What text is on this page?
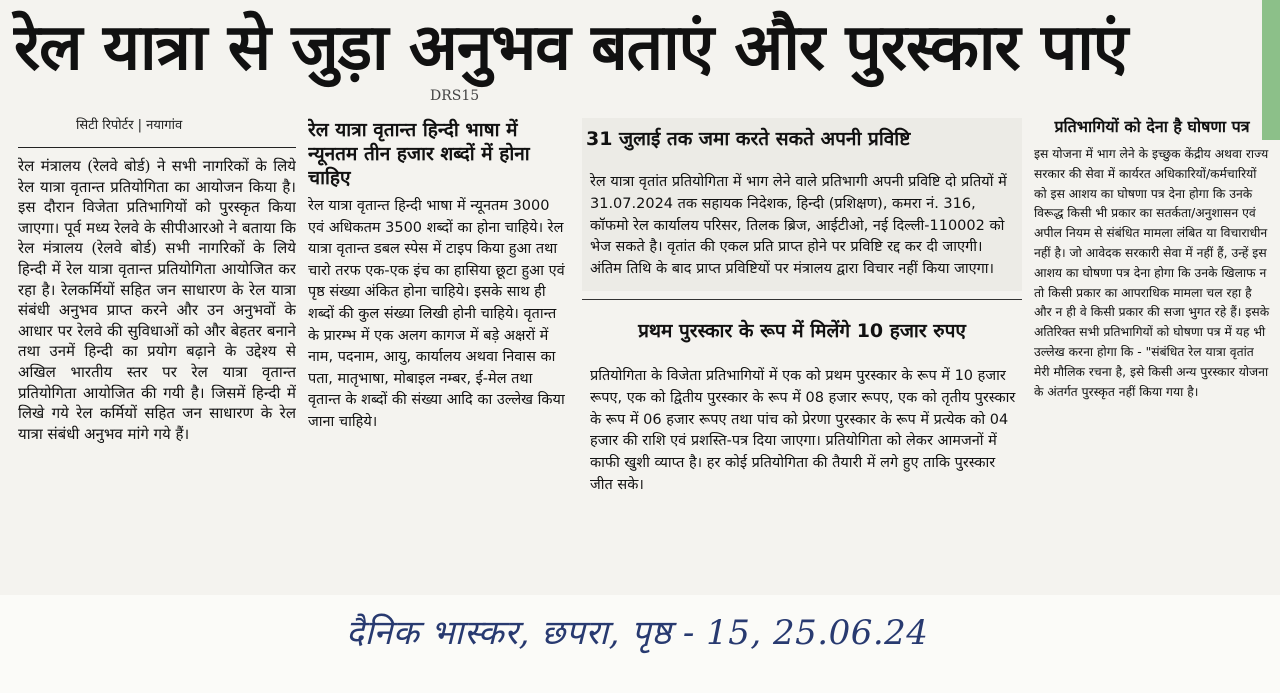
रेल यात्रा से जुड़ा अनुभव बताएं और पुरस्कार पाएं
DRS15
सिटी रिपोर्टर | नयागांव
रेल मंत्रालय (रेलवे बोर्ड) ने सभी नागरिकों के लिये रेल यात्रा वृतान्त प्रतियोगिता का आयोजन किया है। इस दौरान विजेता प्रतिभागियों को पुरस्कृत किया जाएगा। पूर्व मध्य रेलवे के सीपीआरओ ने बताया कि रेल मंत्रालय (रेलवे बोर्ड) सभी नागरिकों के लिये हिन्दी में रेल यात्रा वृतान्त प्रतियोगिता आयोजित कर रहा है। रेलकर्मियों सहित जन साधारण के रेल यात्रा संबंधी अनुभव प्राप्त करने और उन अनुभवों के आधार पर रेलवे की सुविधाओं को और बेहतर बनाने तथा उनमें हिन्दी का प्रयोग बढ़ाने के उद्देश्य से अखिल भारतीय स्तर पर रेल यात्रा वृतान्त प्रतियोगिता आयोजित की गयी है। जिसमें हिन्दी में लिखे गये रेल कर्मियों सहित जन साधारण के रेल यात्रा संबंधी अनुभव मांगे गये हैं।
रेल यात्रा वृतान्त हिन्दी भाषा में न्यूनतम तीन हजार शब्दों में होना चाहिए
रेल यात्रा वृतान्त हिन्दी भाषा में न्यूनतम 3000 एवं अधिकतम 3500 शब्दों का होना चाहिये। रेल यात्रा वृतान्त डबल स्पेस में टाइप किया हुआ तथा चारो तरफ एक-एक इंच का हासिया छूटा हुआ एवं पृष्ठ संख्या अंकित होना चाहिये। इसके साथ ही शब्दों की कुल संख्या लिखी होनी चाहिये। वृतान्त के प्रारम्भ में एक अलग कागज में बड़े अक्षरों में नाम, पदनाम, आयु, कार्यालय अथवा निवास का पता, मातृभाषा, मोबाइल नम्बर, ई-मेल तथा वृतान्त के शब्दों की संख्या आदि का उल्लेख किया जाना चाहिये।
31 जुलाई तक जमा करते सकते अपनी प्रविष्टि
रेल यात्रा वृतांत प्रतियोगिता में भाग लेने वाले प्रतिभागी अपनी प्रविष्टि दो प्रतियों में 31.07.2024 तक सहायक निदेशक, हिन्दी (प्रशिक्षण), कमरा नं. 316, कॉफमो रेल कार्यालय परिसर, तिलक ब्रिज, आईटीओ, नई दिल्ली-110002 को भेज सकते है। वृतांत की एकल प्रति प्राप्त होने पर प्रविष्टि रद्द कर दी जाएगी। अंतिम तिथि के बाद प्राप्त प्रविष्टियों पर मंत्रालय द्वारा विचार नहीं किया जाएगा।
प्रथम पुरस्कार के रूप में मिलेंगे 10 हजार रुपए
प्रतियोगिता के विजेता प्रतिभागियों में एक को प्रथम पुरस्कार के रूप में 10 हजार रूपए, एक को द्वितीय पुरस्कार के रूप में 08 हजार रूपए, एक को तृतीय पुरस्कार के रूप में 06 हजार रूपए तथा पांच को प्रेरणा पुरस्कार के रूप में प्रत्येक को 04 हजार की राशि एवं प्रशस्ति-पत्र दिया जाएगा। प्रतियोगिता को लेकर आमजनों में काफी खुशी व्याप्त है। हर कोई प्रतियोगिता की तैयारी में लगे हुए ताकि पुरस्कार जीत सके।
प्रतिभागियों को देना है घोषणा पत्र
इस योजना में भाग लेने के इच्छुक केंद्रीय अथवा राज्य सरकार की सेवा में कार्यरत अधिकारियों/कर्मचारियों को इस आशय का घोषणा पत्र देना होगा कि उनके विरूद्ध किसी भी प्रकार का सतर्कता/अनुशासन एवं अपील नियम से संबंधित मामला लंबित या विचाराधीन नहीं है। जो आवेदक सरकारी सेवा में नहीं हैं, उन्हें इस आशय का घोषणा पत्र देना होगा कि उनके खिलाफ न तो किसी प्रकार का आपराधिक मामला चल रहा है और न ही वे किसी प्रकार की सजा भुगत रहे हैं। इसके अतिरिक्त सभी प्रतिभागियों को घोषणा पत्र में यह भी उल्लेख करना होगा कि - "संबंधित रेल यात्रा वृतांत मेरी मौलिक रचना है, इसे किसी अन्य पुरस्कार योजना के अंतर्गत पुरस्कृत नहीं किया गया है।
दैनिक भास्कर, छपरा, पृष्ठ - 15, 25.06.24
